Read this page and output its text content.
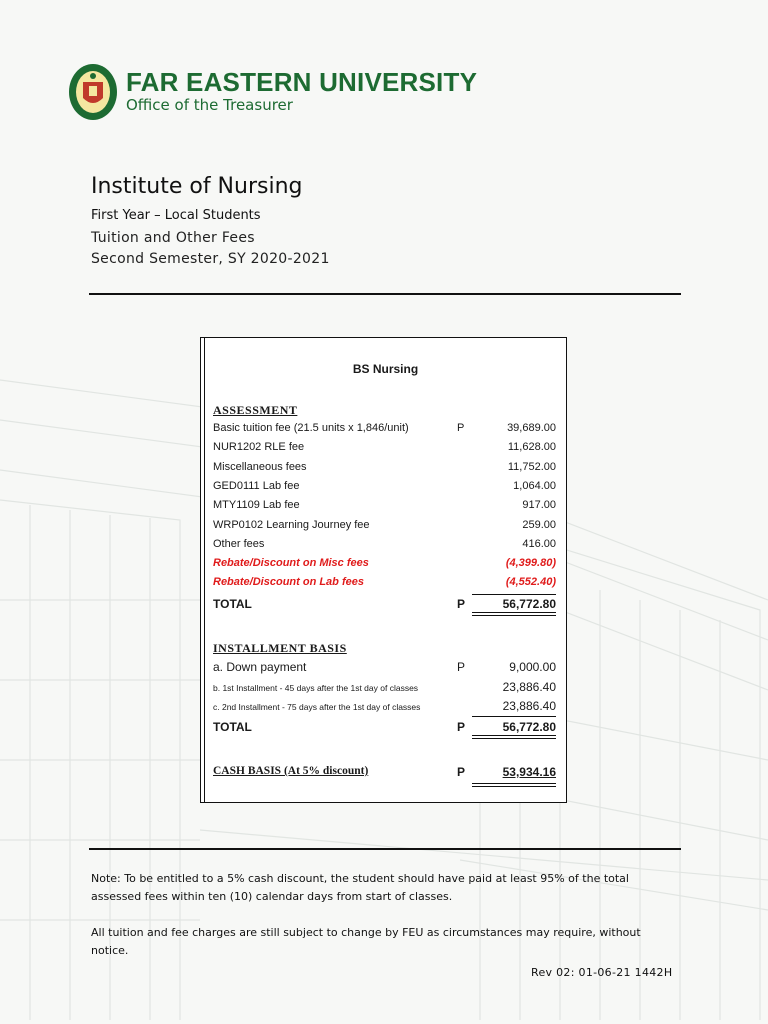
FAR EASTERN UNIVERSITY
Office of the Treasurer
Institute of Nursing
First Year – Local Students
Tuition and Other Fees
Second Semester, SY 2020-2021
BS Nursing
ASSESSMENT
Basic tuition fee (21.5 units x 1,846/unit)	P	39,689.00
NUR1202 RLE fee	11,628.00
Miscellaneous fees	11,752.00
GED0111 Lab fee	1,064.00
MTY1109 Lab fee	917.00
WRP0102 Learning Journey fee	259.00
Other fees	416.00
Rebate/Discount on Misc fees	(4,399.80)
Rebate/Discount on Lab fees	(4,552.40)
TOTAL	P	56,772.80
INSTALLMENT BASIS
a. Down payment	P	9,000.00
b. 1st Installment - 45 days after the 1st day of classes	23,886.40
c. 2nd Installment - 75 days after the 1st day of classes	23,886.40
TOTAL	P	56,772.80
CASH BASIS (At 5% discount)	P	53,934.16
Note: To be entitled to a 5% cash discount, the student should have paid at least 95% of the total assessed fees within ten (10) calendar days from start of classes.
All tuition and fee charges are still subject to change by FEU as circumstances may require, without notice.
Rev 02: 01-06-21 1442H
